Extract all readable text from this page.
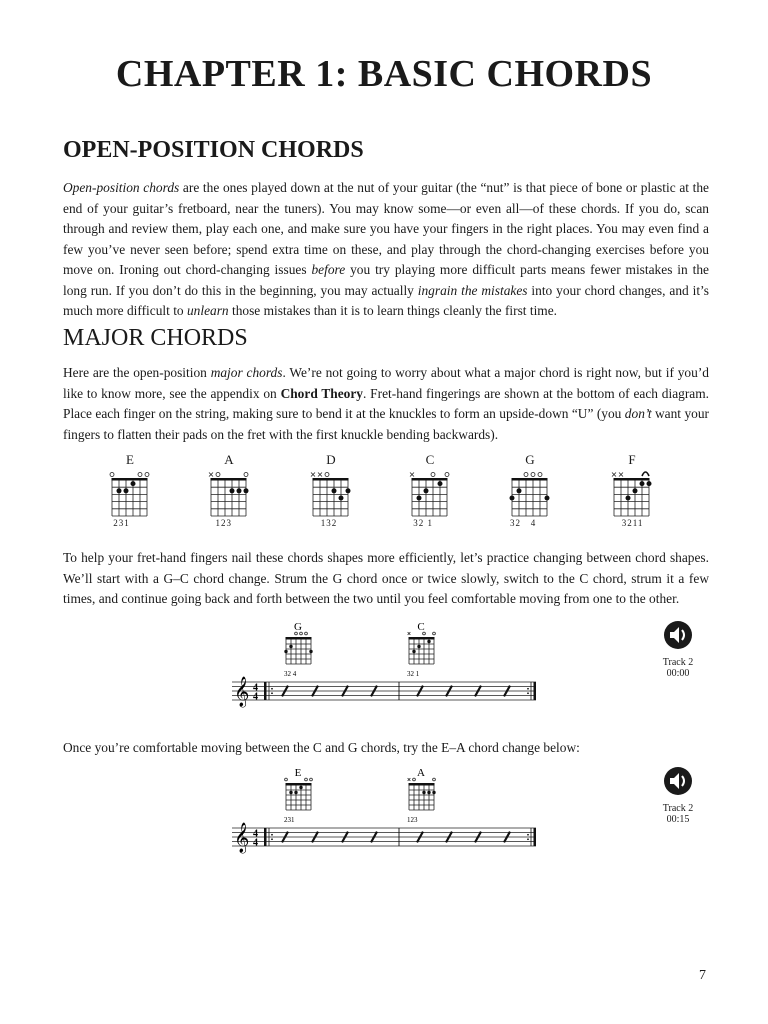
CHAPTER 1: BASIC CHORDS
OPEN-POSITION CHORDS
Open-position chords are the ones played down at the nut of your guitar (the “nut” is that piece of bone or plastic at the end of your guitar’s fretboard, near the tuners). You may know some—or even all—of these chords. If you do, scan through and review them, play each one, and make sure you have your fingers in the right places. You may even find a few you’ve never seen before; spend extra time on these, and play through the chord-changing exercises before you move on. Ironing out chord-changing issues before you try playing more difficult parts means fewer mistakes in the long run. If you don’t do this in the beginning, you may actually ingrain the mistakes into your chord changes, and it’s much more difficult to unlearn those mistakes than it is to learn things cleanly the first time.
MAJOR CHORDS
Here are the open-position major chords. We’re not going to worry about what a major chord is right now, but if you’d like to know more, see the appendix on Chord Theory. Fret-hand fingerings are shown at the bottom of each diagram. Place each finger on the string, making sure to bend it at the knuckles to form an upside-down “U” (you don’t want your fingers to flatten their pads on the fret with the first knuckle bending backwards).
E
231
A
123
D
132
C
32 1
G
32   4
F
3211
To help your fret-hand fingers nail these chords shapes more efficiently, let’s practice changing between chord shapes. We’ll start with a G–C chord change. Strum the G chord once or twice slowly, switch to the C chord, strum it a few times, and continue going back and forth between the two until you feel comfortable moving from one to the other.
G
32 4
C
32 1
𝄞 4
4
Track 2
00:00
Once you’re comfortable moving between the C and G chords, try the E–A chord change below:
E
231
A
123
𝄞 4
4
Track 2
00:15
7
